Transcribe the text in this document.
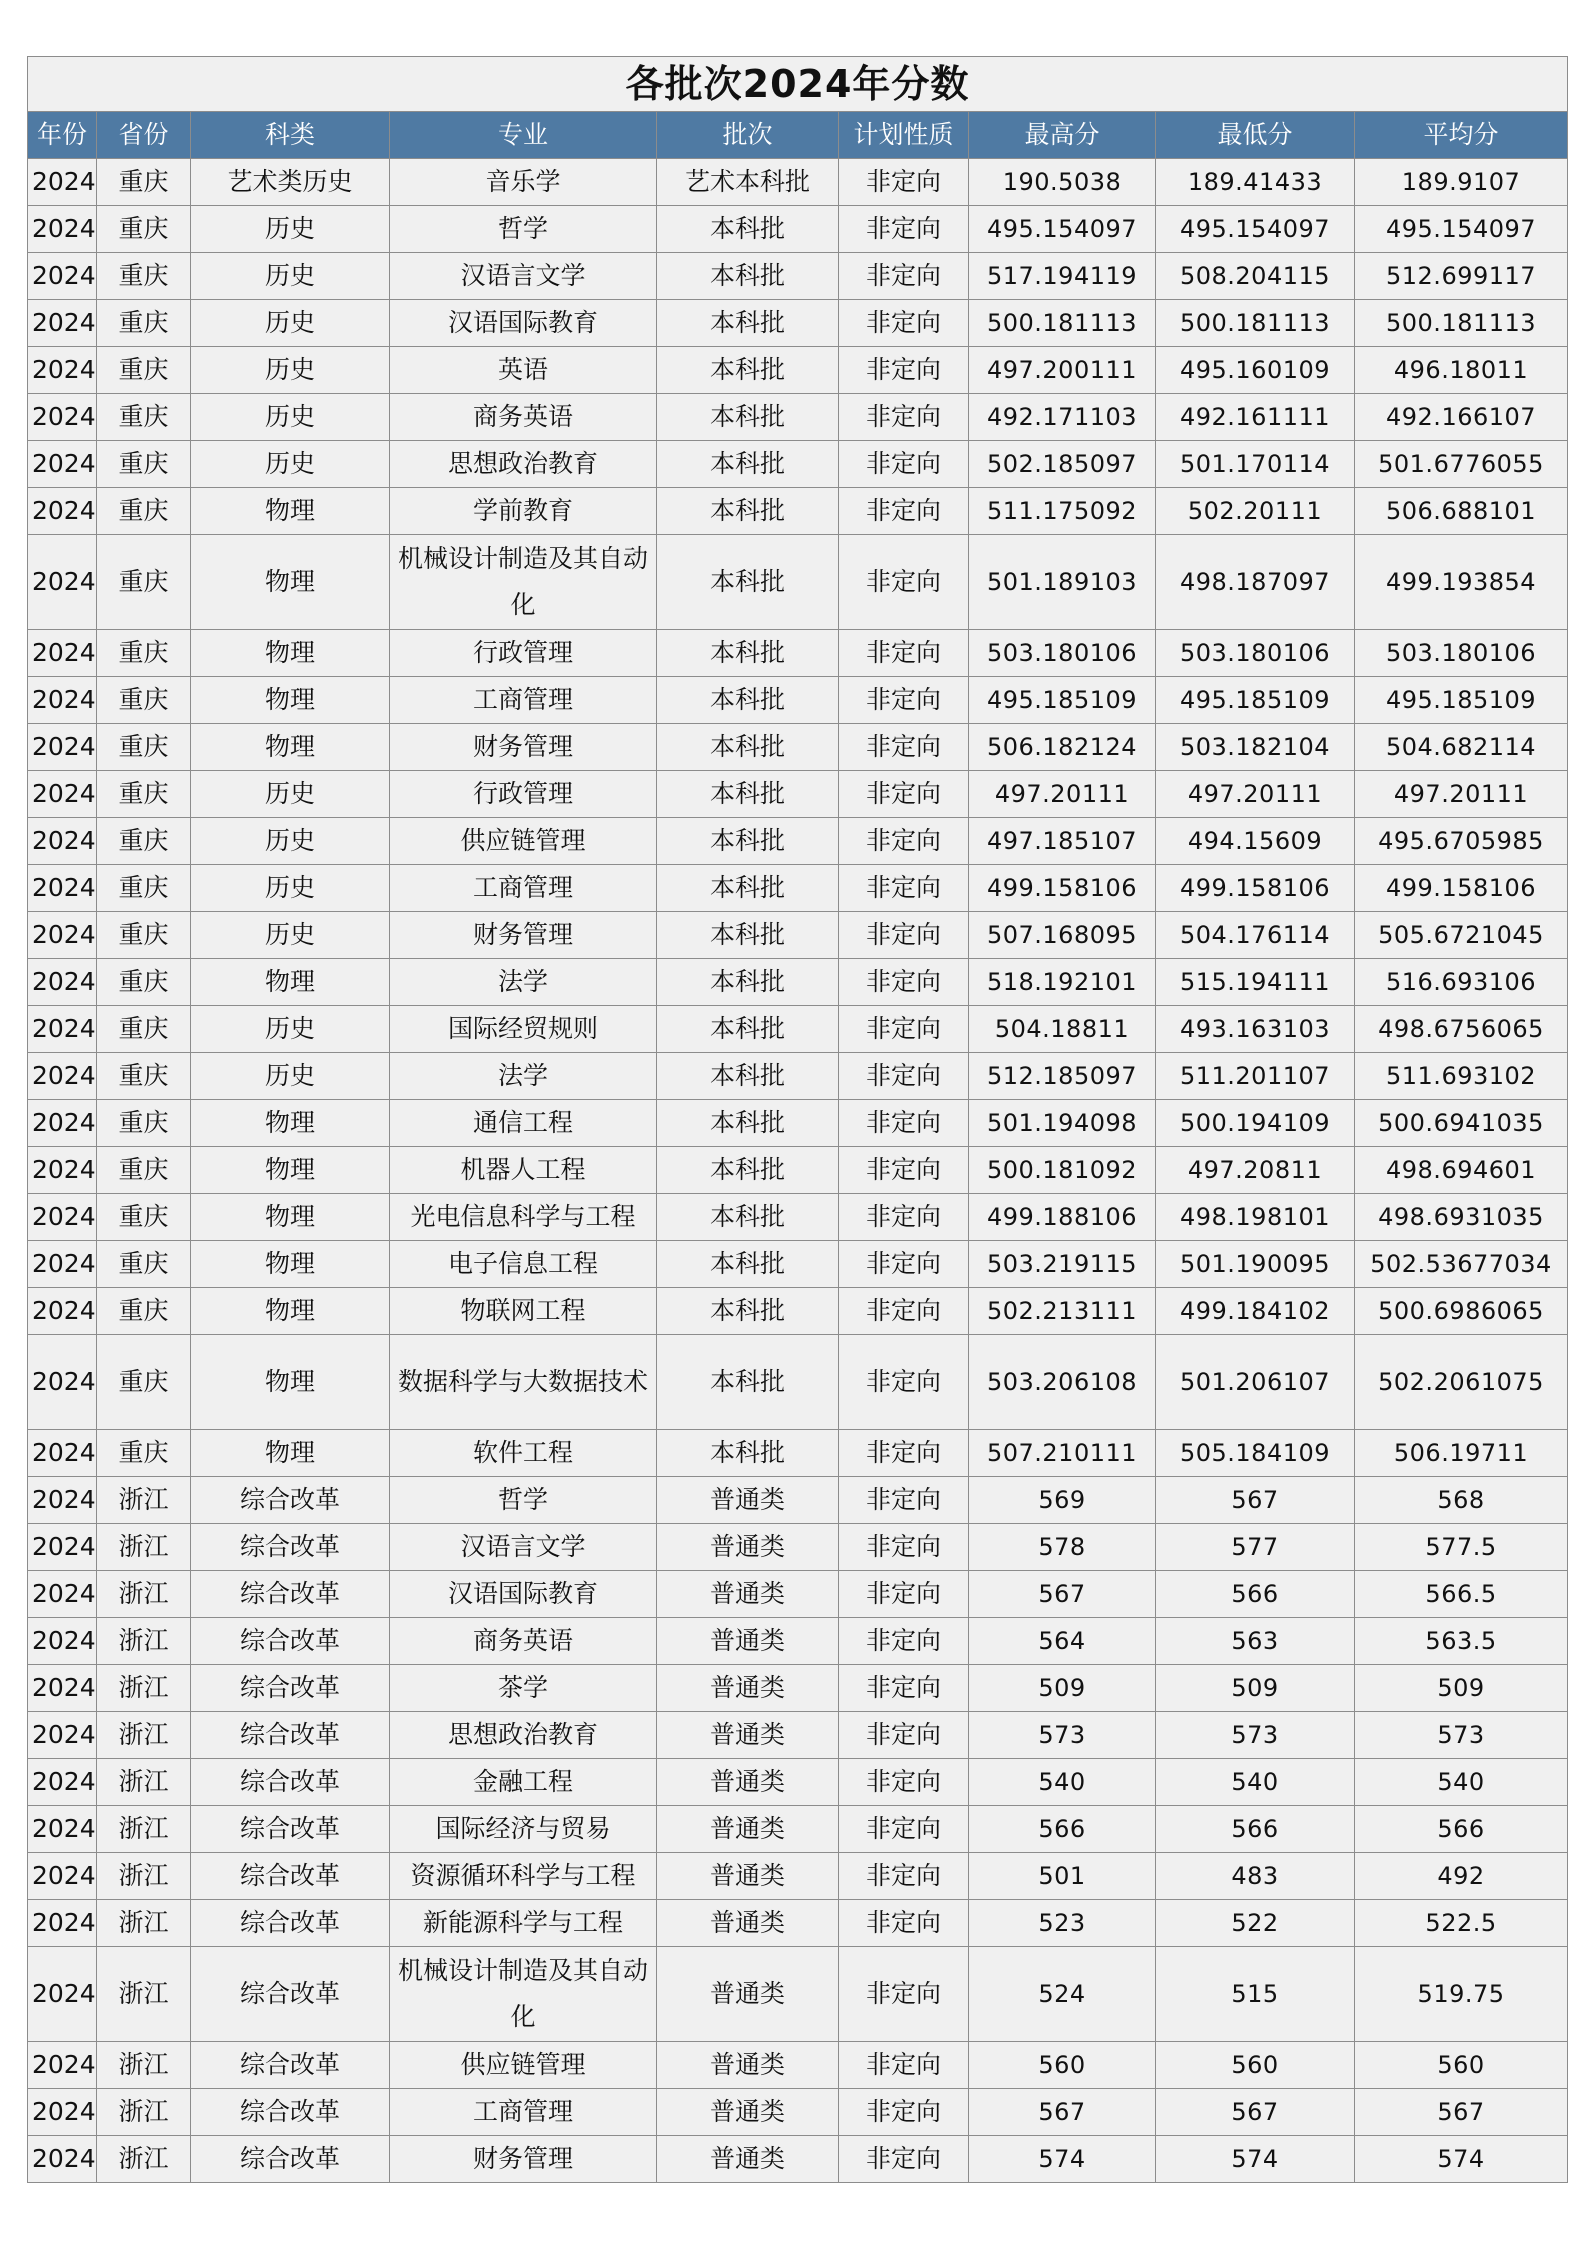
各批次2024年分数								
年份	省份	科类	专业	批次	计划性质	最高分	最低分	平均分
2024	重庆	艺术类历史	音乐学	艺术本科批	非定向	190.5038	189.41433	189.9107
2024	重庆	历史	哲学	本科批	非定向	495.154097	495.154097	495.154097
2024	重庆	历史	汉语言文学	本科批	非定向	517.194119	508.204115	512.699117
2024	重庆	历史	汉语国际教育	本科批	非定向	500.181113	500.181113	500.181113
2024	重庆	历史	英语	本科批	非定向	497.200111	495.160109	496.18011
2024	重庆	历史	商务英语	本科批	非定向	492.171103	492.161111	492.166107
2024	重庆	历史	思想政治教育	本科批	非定向	502.185097	501.170114	501.6776055
2024	重庆	物理	学前教育	本科批	非定向	511.175092	502.20111	506.688101
2024	重庆	物理	机械设计制造及其自动化	本科批	非定向	501.189103	498.187097	499.193854
2024	重庆	物理	行政管理	本科批	非定向	503.180106	503.180106	503.180106
2024	重庆	物理	工商管理	本科批	非定向	495.185109	495.185109	495.185109
2024	重庆	物理	财务管理	本科批	非定向	506.182124	503.182104	504.682114
2024	重庆	历史	行政管理	本科批	非定向	497.20111	497.20111	497.20111
2024	重庆	历史	供应链管理	本科批	非定向	497.185107	494.15609	495.6705985
2024	重庆	历史	工商管理	本科批	非定向	499.158106	499.158106	499.158106
2024	重庆	历史	财务管理	本科批	非定向	507.168095	504.176114	505.6721045
2024	重庆	物理	法学	本科批	非定向	518.192101	515.194111	516.693106
2024	重庆	历史	国际经贸规则	本科批	非定向	504.18811	493.163103	498.6756065
2024	重庆	历史	法学	本科批	非定向	512.185097	511.201107	511.693102
2024	重庆	物理	通信工程	本科批	非定向	501.194098	500.194109	500.6941035
2024	重庆	物理	机器人工程	本科批	非定向	500.181092	497.20811	498.694601
2024	重庆	物理	光电信息科学与工程	本科批	非定向	499.188106	498.198101	498.6931035
2024	重庆	物理	电子信息工程	本科批	非定向	503.219115	501.190095	502.53677034
2024	重庆	物理	物联网工程	本科批	非定向	502.213111	499.184102	500.6986065
2024	重庆	物理	数据科学与大数据技术	本科批	非定向	503.206108	501.206107	502.2061075
2024	重庆	物理	软件工程	本科批	非定向	507.210111	505.184109	506.19711
2024	浙江	综合改革	哲学	普通类	非定向	569	567	568
2024	浙江	综合改革	汉语言文学	普通类	非定向	578	577	577.5
2024	浙江	综合改革	汉语国际教育	普通类	非定向	567	566	566.5
2024	浙江	综合改革	商务英语	普通类	非定向	564	563	563.5
2024	浙江	综合改革	茶学	普通类	非定向	509	509	509
2024	浙江	综合改革	思想政治教育	普通类	非定向	573	573	573
2024	浙江	综合改革	金融工程	普通类	非定向	540	540	540
2024	浙江	综合改革	国际经济与贸易	普通类	非定向	566	566	566
2024	浙江	综合改革	资源循环科学与工程	普通类	非定向	501	483	492
2024	浙江	综合改革	新能源科学与工程	普通类	非定向	523	522	522.5
2024	浙江	综合改革	机械设计制造及其自动化	普通类	非定向	524	515	519.75
2024	浙江	综合改革	供应链管理	普通类	非定向	560	560	560
2024	浙江	综合改革	工商管理	普通类	非定向	567	567	567
2024	浙江	综合改革	财务管理	普通类	非定向	574	574	574
